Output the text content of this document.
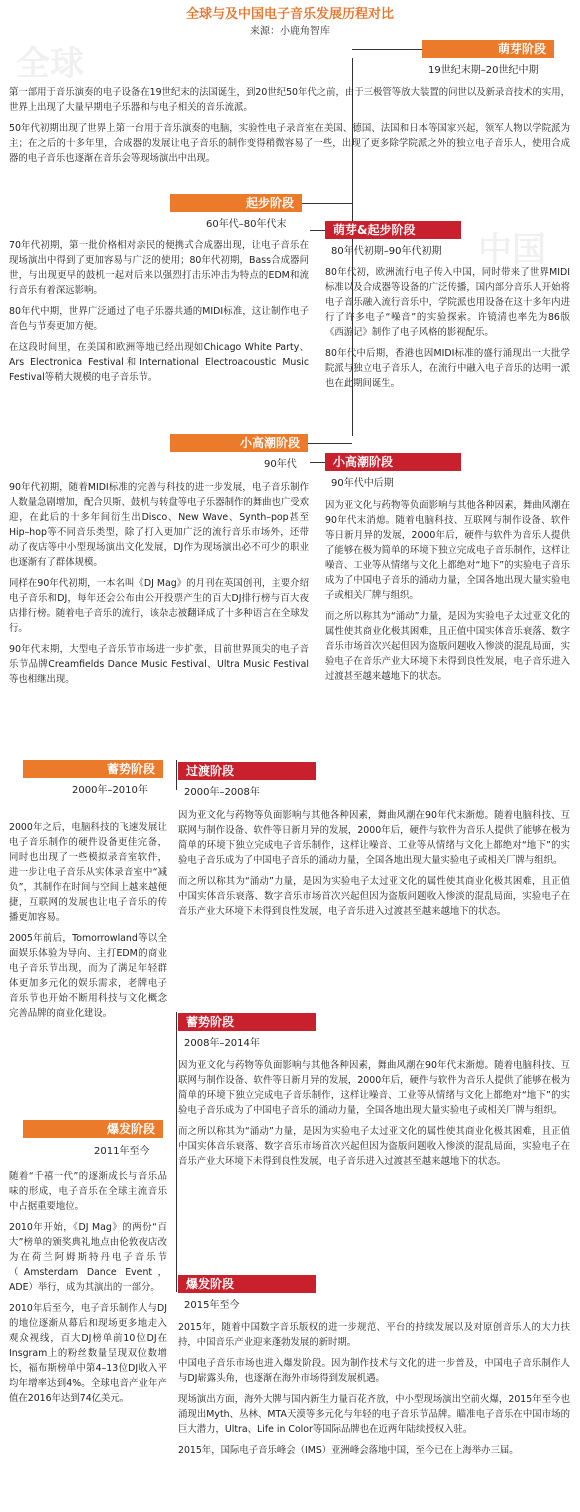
全球与及中国电子音乐发展历程对比
来源：小鹿角智库
全球
中国
萌芽阶段
19世纪末期–20世纪中期

第一部用于音乐演奏的电子设备在19世纪末的法国诞生，到20世纪50年代之前，由于三极管等放大装置的问世以及新录音技术的实用，世界上出现了大量早期电子乐器和与电子相关的音乐流派。

50年代初期出现了世界上第一台用于音乐演奏的电脑，实验性电子录音室在美国、德国、法国和日本等国家兴起，领军人物以学院派为主；在之后的十多年里，合成器的发展让电子音乐的制作变得稍微容易了一些，出现了更多除学院派之外的独立电子音乐人，使用合成器的电子音乐也逐渐在音乐会等现场演出中出现。

起步阶段
60年代–80年代末

70年代初期，第一批价格相对亲民的便携式合成器出现，让电子音乐在现场演出中得到了更加容易与广泛的使用；80年代初期，Bass合成器问世，与出现更早的鼓机一起对后来以强烈打击乐冲击为特点的EDM和流行音乐有着深远影响。

80年代中期，世界广泛通过了电子乐器共通的MIDI标准，这让制作电子音色与节奏更加方便。

在这段时间里，在美国和欧洲等地已经出现如Chicago White Party、Ars Electronica Festival和International Electroacoustic Music Festival等稍大规模的电子音乐节。

萌芽&起步阶段
80年代初期–90年代初期

80年代初，欧洲流行电子传入中国，同时带来了世界MIDI标准以及合成器等设备的广泛传播，国内部分音乐人开始将电子音乐融入流行音乐中，学院派也用设备在这十多年内进行了许多电子“噪音”的实验探索。许镜清也率先为86版《西游记》制作了电子风格的影视配乐。

80年代中后期，香港也因MIDI标准的盛行涌现出一大批学院派与独立电子音乐人，在流行中融入电子音乐的达明一派也在此期间诞生。

小高潮阶段
90年代

90年代初期，随着MIDI标准的完善与科技的进一步发展，电子音乐制作人数量急剧增加，配合贝斯、鼓机与转盘等电子乐器制作的舞曲也广受欢迎，在此后的十多年间衍生出Disco、New Wave、Synth–pop甚至Hip–hop等不同音乐类型，除了打入更加广泛的流行音乐市场外，还带动了夜店等中小型现场演出文化发展，DJ作为现场演出必不可少的职业也逐渐有了群体规模。

同样在90年代初期，一本名叫《DJ Mag》的月刊在英国创刊，主要介绍电子音乐和DJ，每年还会公布由公开投票产生的百大DJ排行榜与百大夜店排行榜。随着电子音乐的流行，该杂志被翻译成了十多种语言在全球发行。

90年代末期，大型电子音乐节市场进一步扩张，目前世界顶尖的电子音乐节品牌Creamfields Dance Music Festival、Ultra Music Festival等也相继出现。

小高潮阶段
90年代中后期

因为亚文化与药物等负面影响与其他各种因素，舞曲风潮在90年代末消熄。随着电脑科技、互联网与制作设备、软件等日新月异的发展，2000年后，硬件与软件为音乐人提供了能够在极为简单的环境下独立完成电子音乐制作，这样让噪音、工业等从情绪与文化上都绝对“地下”的实验电子音乐成为了中国电子音乐的涌动力量，全国各地出现大量实验电子或相关厂牌与组织。

而之所以称其为“涌动”力量，是因为实验电子太过亚文化的属性使其商业化极其困难，且正值中国实体音乐衰落、数字音乐市场首次兴起但因为盗版问题收入惨淡的混乱局面，实验电子在音乐产业大环境下未得到良性发展，电子音乐进入过渡甚至越来越地下的状态。

蓄势阶段
2000年–2010年

2000年之后，电脑科技的飞速发展让电子音乐制作的硬件设备更佳完备，同时也出现了一些模拟录音室软件，进一步让电子音乐从实体录音室中“减负”，其制作在时间与空间上越来越便捷，互联网的发展也让电子音乐的传播更加容易。

2005年前后，Tomorrowland等以全面娱乐体验为导向、主打EDM的商业电子音乐节出现，而为了满足年轻群体更加多元化的娱乐需求，老牌电子音乐节也开始不断用科技与文化概念完善品牌的商业化建设。

过渡阶段
2000年–2008年

因为亚文化与药物等负面影响与其他各种因素，舞曲风潮在90年代末渐熄。随着电脑科技、互联网与制作设备、软件等日新月异的发展，2000年后，硬件与软件为音乐人提供了能够在极为简单的环境下独立完成电子音乐制作，这样让噪音、工业等从情绪与文化上都绝对“地下”的实验电子音乐成为了中国电子音乐的涌动力量，全国各地出现大量实验电子或相关厂牌与组织。

而之所以称其为“涌动”力量，是因为实验电子太过亚文化的属性使其商业化极其困难，且正值中国实体音乐衰落、数字音乐市场首次兴起但因为盗版问题收入惨淡的混乱局面，实验电子在音乐产业大环境下未得到良性发展，电子音乐进入过渡甚至越来越地下的状态。

蓄势阶段
2008年–2014年

因为亚文化与药物等负面影响与其他各种因素，舞曲风潮在90年代末渐熄。随着电脑科技、互联网与制作设备、软件等日新月异的发展，2000年后，硬件与软件为音乐人提供了能够在极为简单的环境下独立完成电子音乐制作，这样让噪音、工业等从情绪与文化上都绝对“地下”的实验电子音乐成为了中国电子音乐的涌动力量，全国各地出现大量实验电子或相关厂牌与组织。

而之所以称其为“涌动”力量，是因为实验电子太过亚文化的属性使其商业化极其困难，且正值中国实体音乐衰落、数字音乐市场首次兴起但因为盗版问题收入惨淡的混乱局面，实验电子在音乐产业大环境下未得到良性发展，电子音乐进入过渡甚至越来越地下的状态。

爆发阶段
2011年至今

随着“千禧一代”的逐渐成长与音乐品味的形成，电子音乐在全球主流音乐中占据重要地位。

2010年开始，《DJ Mag》的两份“百大”榜单的颁奖典礼地点由伦敦夜店改为在荷兰阿姆斯特丹电子音乐节（Amsterdam Dance Event，ADE）举行，成为其演出的一部分。

2010年后至今，电子音乐制作人与DJ的地位逐渐从幕后和现场更多地走入观众视线，百大DJ榜单前10位DJ在Insgram上的粉丝数量呈现双位数增长，福布斯榜单中第4–13位DJ收入平均年增率达到4%。全球电音产业年产值在2016年达到74亿美元。

爆发阶段
2015年至今

2015年，随着中国数字音乐版权的进一步规范、平台的持续发展以及对原创音乐人的大力扶持，中国音乐产业迎来蓬勃发展的新时期。

中国电子音乐市场也进入爆发阶段。因为制作技术与文化的进一步普及，中国电子音乐制作人与DJ崭露头角，也逐渐在海外市场得到发展机遇。

现场演出方面，海外大牌与国内新生力量百花齐放，中小型现场演出空前火爆，2015年至今也涌现出Myth、丛林、MTA天漠等多元化与年轻的电子音乐节品牌。瞄准电子音乐在中国市场的巨大潜力，Ultra、Life in Color等国际品牌也在近两年陆续授权入驻。

2015年，国际电子音乐峰会（IMS）亚洲峰会落地中国，至今已在上海举办三届。
